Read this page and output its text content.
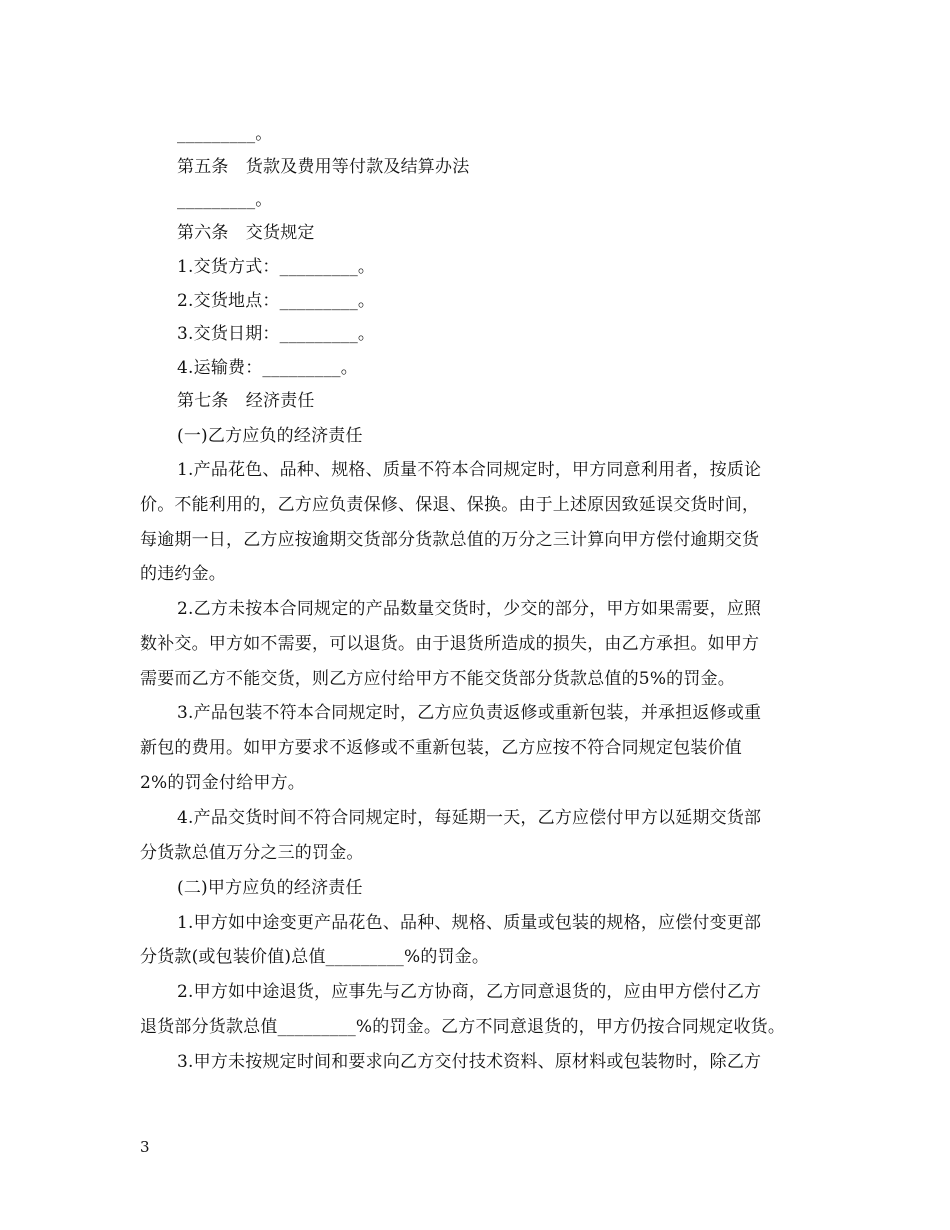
_________。
第五条　货款及费用等付款及结算办法
_________。
第六条　交货规定
1.交货方式：_________。
2.交货地点：_________。
3.交货日期：_________。
4.运输费：_________。
第七条　经济责任
(一)乙方应负的经济责任
1.产品花色、品种、规格、质量不符本合同规定时，甲方同意利用者，按质论
价。不能利用的，乙方应负责保修、保退、保换。由于上述原因致延误交货时间，
每逾期一日，乙方应按逾期交货部分货款总值的万分之三计算向甲方偿付逾期交货
的违约金。
2.乙方未按本合同规定的产品数量交货时，少交的部分，甲方如果需要，应照
数补交。甲方如不需要，可以退货。由于退货所造成的损失，由乙方承担。如甲方
需要而乙方不能交货，则乙方应付给甲方不能交货部分货款总值的5%的罚金。
3.产品包装不符本合同规定时，乙方应负责返修或重新包装，并承担返修或重
新包的费用。如甲方要求不返修或不重新包装，乙方应按不符合同规定包装价值
2%的罚金付给甲方。
4.产品交货时间不符合同规定时，每延期一天，乙方应偿付甲方以延期交货部
分货款总值万分之三的罚金。
(二)甲方应负的经济责任
1.甲方如中途变更产品花色、品种、规格、质量或包装的规格，应偿付变更部
分货款(或包装价值)总值_________%的罚金。
2.甲方如中途退货，应事先与乙方协商，乙方同意退货的，应由甲方偿付乙方
退货部分货款总值_________%的罚金。乙方不同意退货的，甲方仍按合同规定收货。
3.甲方未按规定时间和要求向乙方交付技术资料、原材料或包装物时，除乙方
3
